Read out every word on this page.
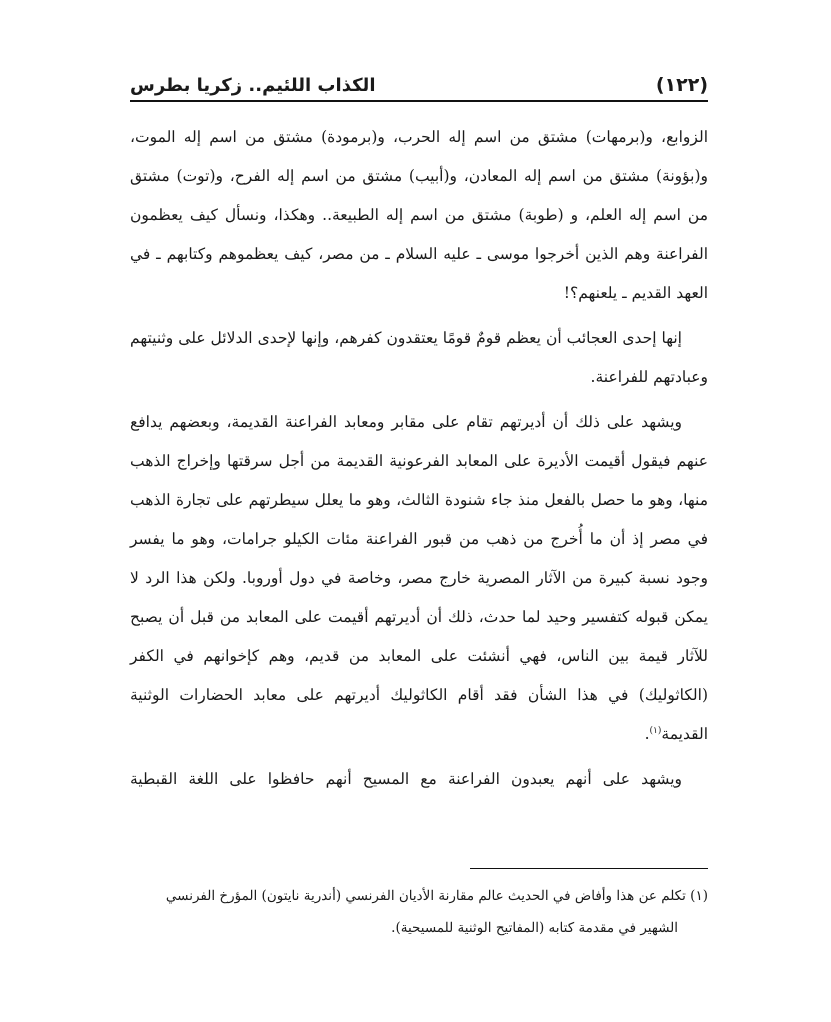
(١٢٢)
الكذاب اللئيم.. زكريا بطرس

الزوابع، و(برمهات) مشتق من اسم إله الحرب، و(برمودة) مشتق من اسم إله الموت، و(بؤونة) مشتق من اسم إله المعادن، و(أبيب) مشتق من اسم إله الفرح، و(توت) مشتق من اسم إله العلم، و (طوبة) مشتق من اسم إله الطبيعة.. وهكذا، ونسأل كيف يعظمون الفراعنة وهم الذين أخرجوا موسى ـ عليه السلام ـ من مصر، كيف يعظموهم وكتابهم ـ في العهد القديم ـ يلعنهم؟!

إنها إحدى العجائب أن يعظم قومٌ قومًا يعتقدون كفرهم، وإنها لإحدى الدلائل على وثنيتهم وعبادتهم للفراعنة.

ويشهد على ذلك أن أديرتهم تقام على مقابر ومعابد الفراعنة القديمة، وبعضهم يدافع عنهم فيقول أقيمت الأديرة على المعابد الفرعونية القديمة من أجل سرقتها وإخراج الذهب منها، وهو ما حصل بالفعل منذ جاء شنودة الثالث، وهو ما يعلل سيطرتهم على تجارة الذهب في مصر إذ أن ما أُخرج من ذهب من قبور الفراعنة مئات الكيلو جرامات، وهو ما يفسر وجود نسبة كبيرة من الآثار المصرية خارج مصر، وخاصة في دول أوروبا. ولكن هذا الرد لا يمكن قبوله كتفسير وحيد لما حدث، ذلك أن أديرتهم أقيمت على المعابد من قبل أن يصبح للآثار قيمة بين الناس، فهي أنشئت على المعابد من قديم، وهم كإخوانهم في الكفر (الكاثوليك) في هذا الشأن فقد أقام الكاثوليك أديرتهم على معابد الحضارات الوثنية القديمة$^{(١)}$.

ويشهد على أنهم يعبدون الفراعنة مع المسيح أنهم حافظوا على اللغة القبطية

(١) تكلم عن هذا وأفاض في الحديث عالم مقارنة الأديان الفرنسي (أندرية نايتون) المؤرخ الفرنسي
الشهير في مقدمة كتابه (المفاتيح الوثنية للمسيحية).
